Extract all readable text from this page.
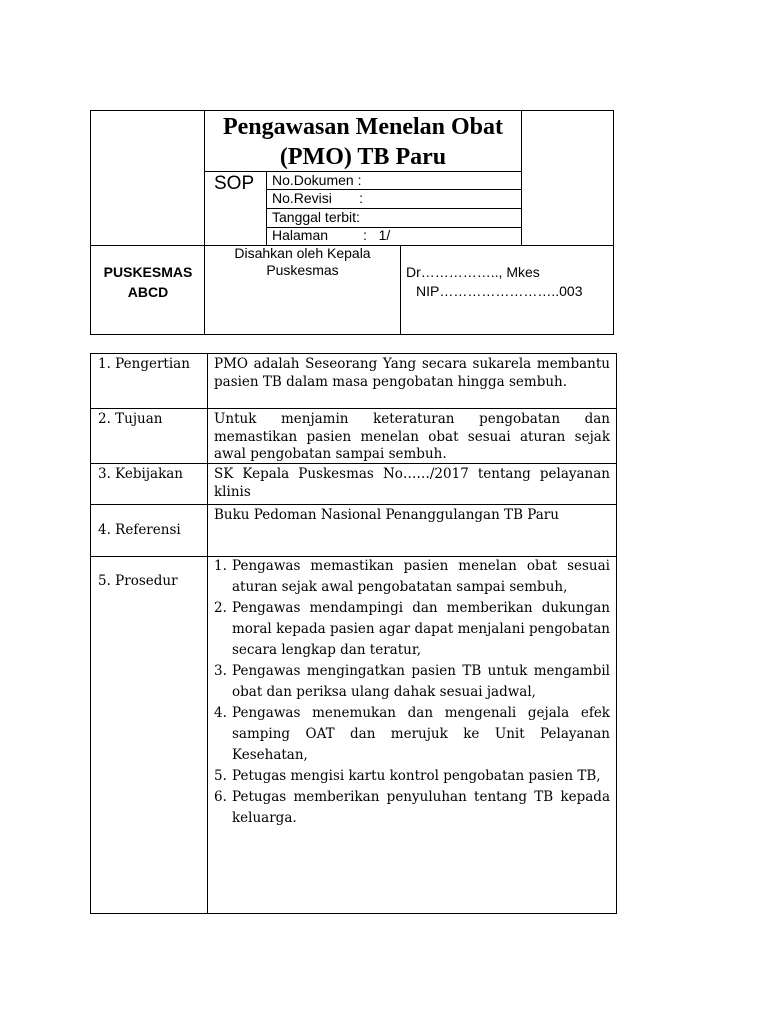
Pengawasan Menelan Obat
(PMO) TB Paru
SOP No.Dokumen :
No.Revisi       :
Tanggal terbit:
Halaman         :   1/
PUSKESMAS
ABCD
Disahkan oleh Kepala
Puskesmas	Dr…………….., Mkes
NIP……………………..003
1. Pengertian PMO adalah Seseorang Yang secara sukarela membantu pasien TB dalam masa pengobatan hingga sembuh.
2. Tujuan	Untuk menjamin keteraturan pengobatan dan memastikan pasien menelan obat sesuai aturan sejak awal pengobatan sampai sembuh.
3. Kebijakan SK Kepala Puskesmas No……/2017 tentang pelayanan klinis
4. Referensi
Buku Pedoman Nasional Penanggulangan TB Paru
5. Prosedur
1. Pengawas memastikan pasien menelan obat sesuai aturan sejak awal pengobatatan sampai sembuh,
2. Pengawas mendampingi dan memberikan dukungan moral kepada pasien agar dapat menjalani pengobatan secara lengkap dan teratur,
3. Pengawas mengingatkan pasien TB untuk mengambil obat dan periksa ulang dahak sesuai jadwal,
4. Pengawas menemukan dan mengenali gejala efek samping OAT dan merujuk ke Unit Pelayanan Kesehatan,
5. Petugas mengisi kartu kontrol pengobatan pasien TB,
6. Petugas memberikan penyuluhan tentang TB kepada keluarga.
